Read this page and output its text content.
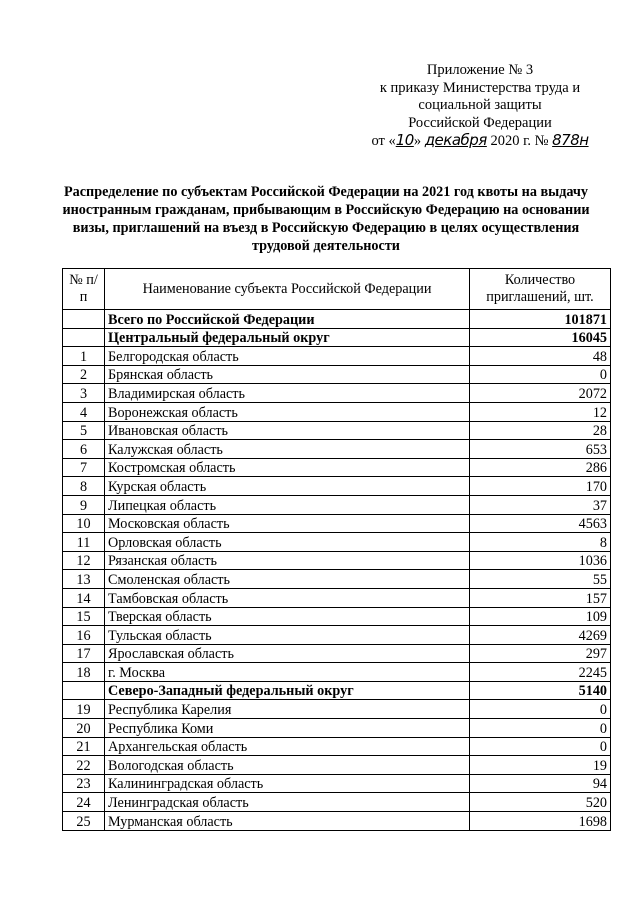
Приложение № 3
к приказу Министерства труда и
социальной защиты
Российской Федерации
от «10» декабря 2020 г. № 878н
Распределение по субъектам Российской Федерации на 2021 год квоты на выдачу иностранным гражданам, прибывающим в Российскую Федерацию на основании визы, приглашений на въезд в Российскую Федерацию в целях осуществления трудовой деятельности
№ п/п	Наименование субъекта Российской Федерации	Количество приглашений, шт.
	Всего по Российской Федерации	101871
	Центральный федеральный округ	16045
1	Белгородская область	48
2	Брянская область	0
3	Владимирская область	2072
4	Воронежская область	12
5	Ивановская область	28
6	Калужская область	653
7	Костромская область	286
8	Курская область	170
9	Липецкая область	37
10	Московская область	4563
11	Орловская область	8
12	Рязанская область	1036
13	Смоленская область	55
14	Тамбовская область	157
15	Тверская область	109
16	Тульская область	4269
17	Ярославская область	297
18	г. Москва	2245
	Северо-Западный федеральный округ	5140
19	Республика Карелия	0
20	Республика Коми	0
21	Архангельская область	0
22	Вологодская область	19
23	Калининградская область	94
24	Ленинградская область	520
25	Мурманская область	1698
